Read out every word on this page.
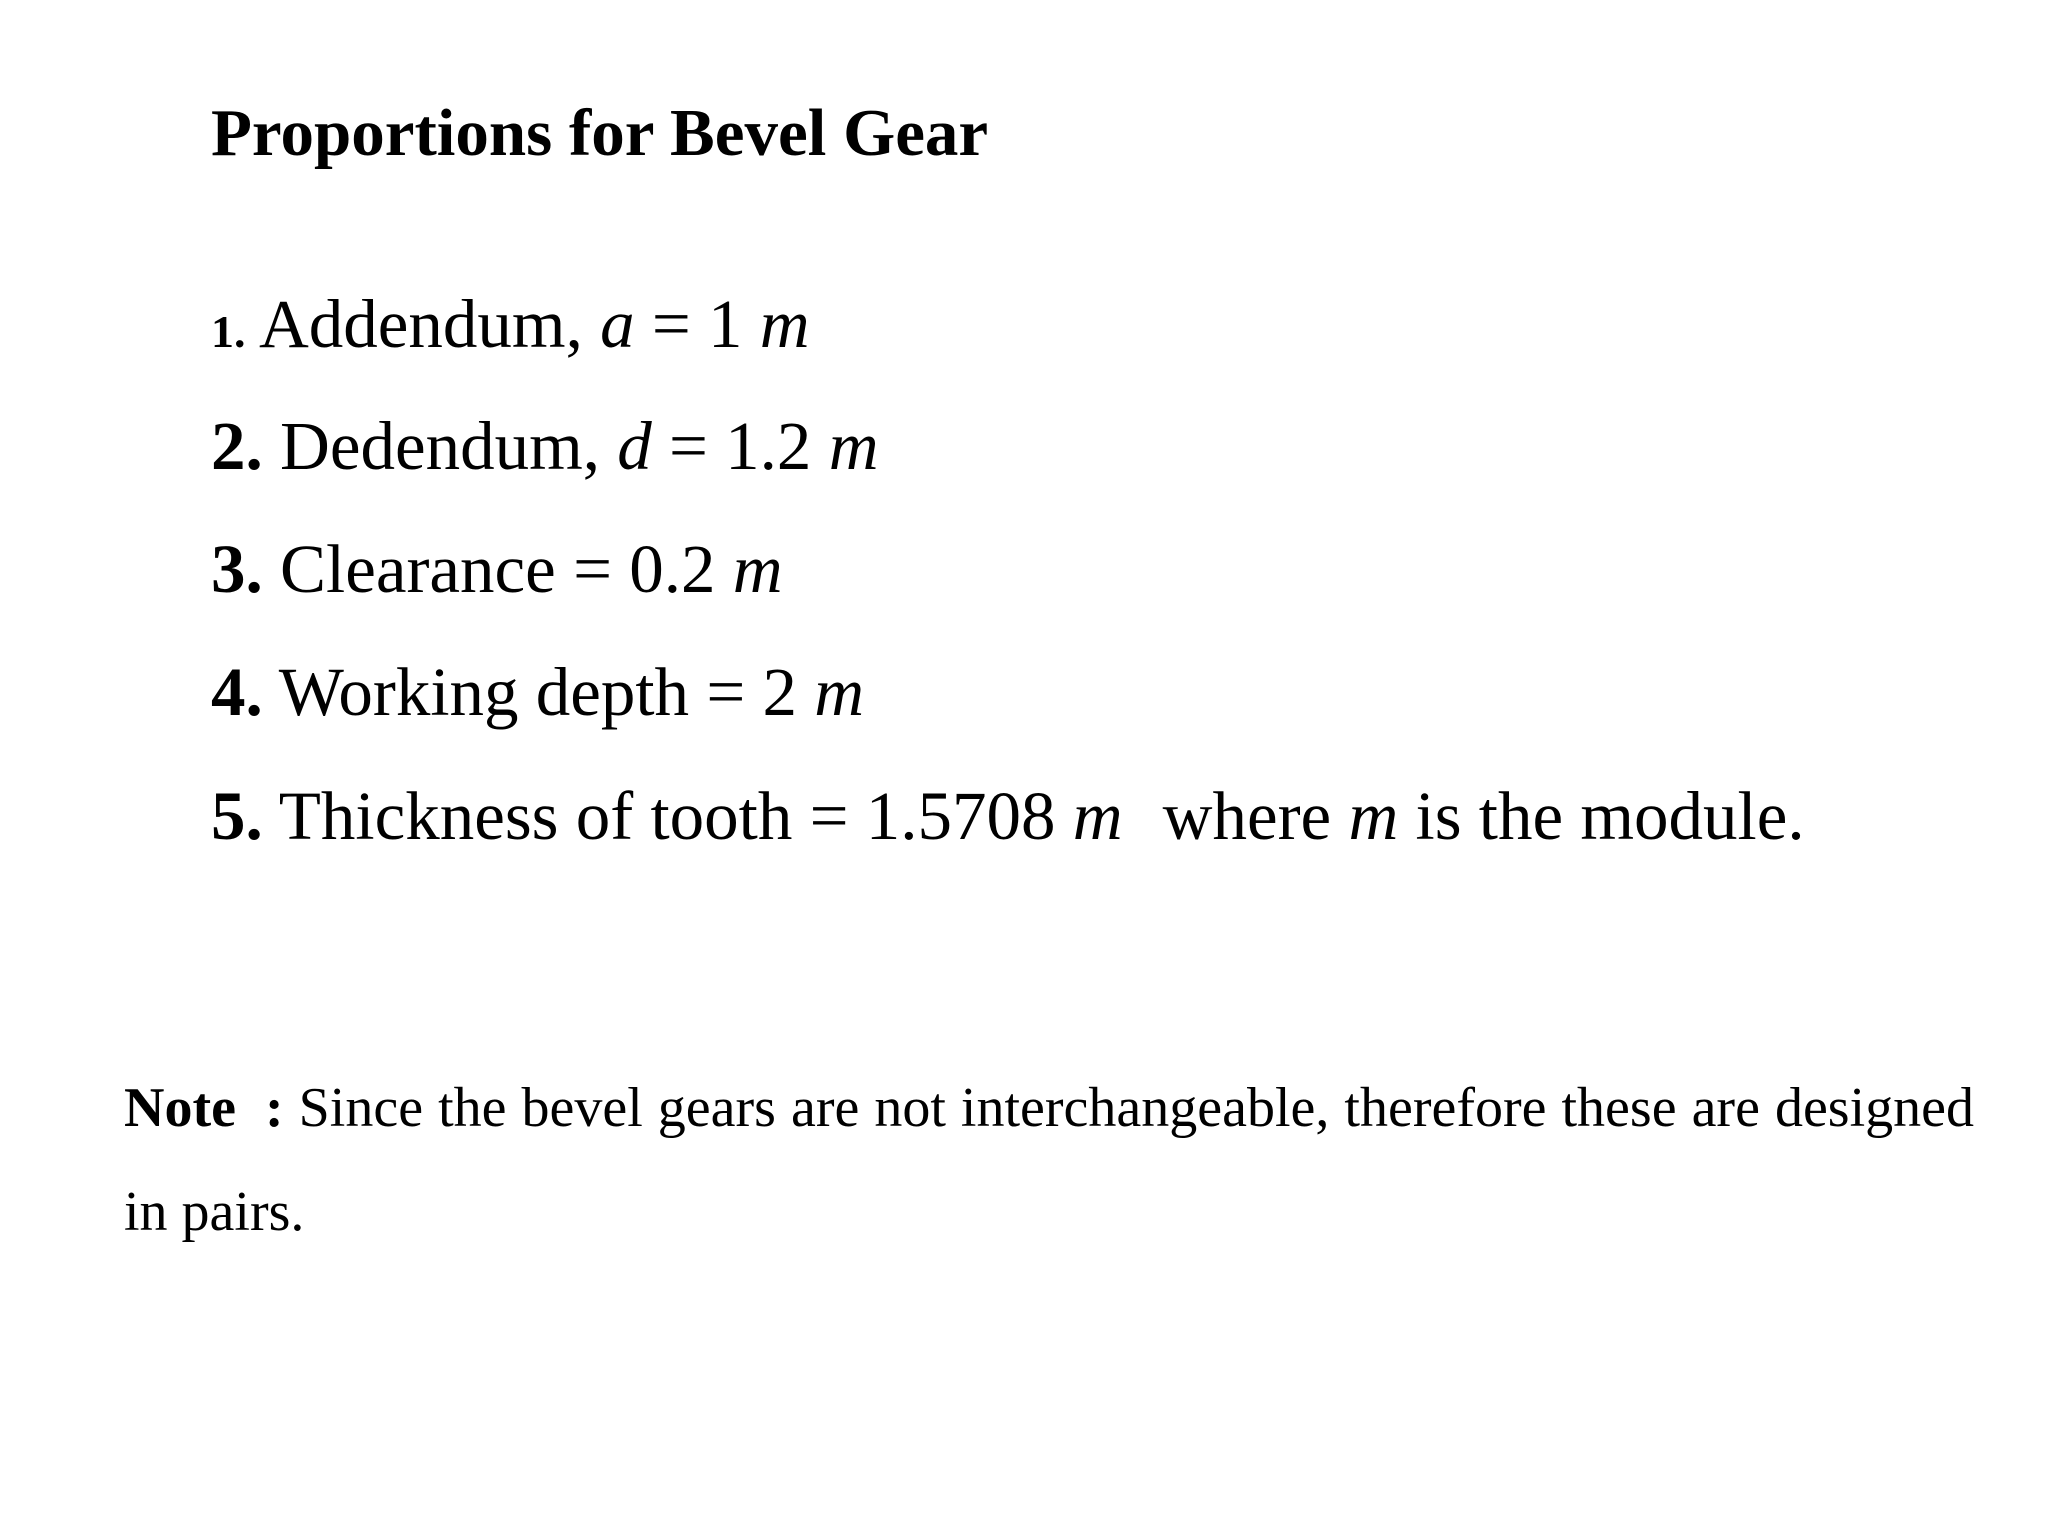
Proportions for Bevel Gear
1. Addendum, a = 1 m
2. Dedendum, d = 1.2 m
3. Clearance = 0.2 m
4. Working depth = 2 m
5. Thickness of tooth = 1.5708 m where m is the module.

Note : Since the bevel gears are not interchangeable, therefore these are designed in pairs.
